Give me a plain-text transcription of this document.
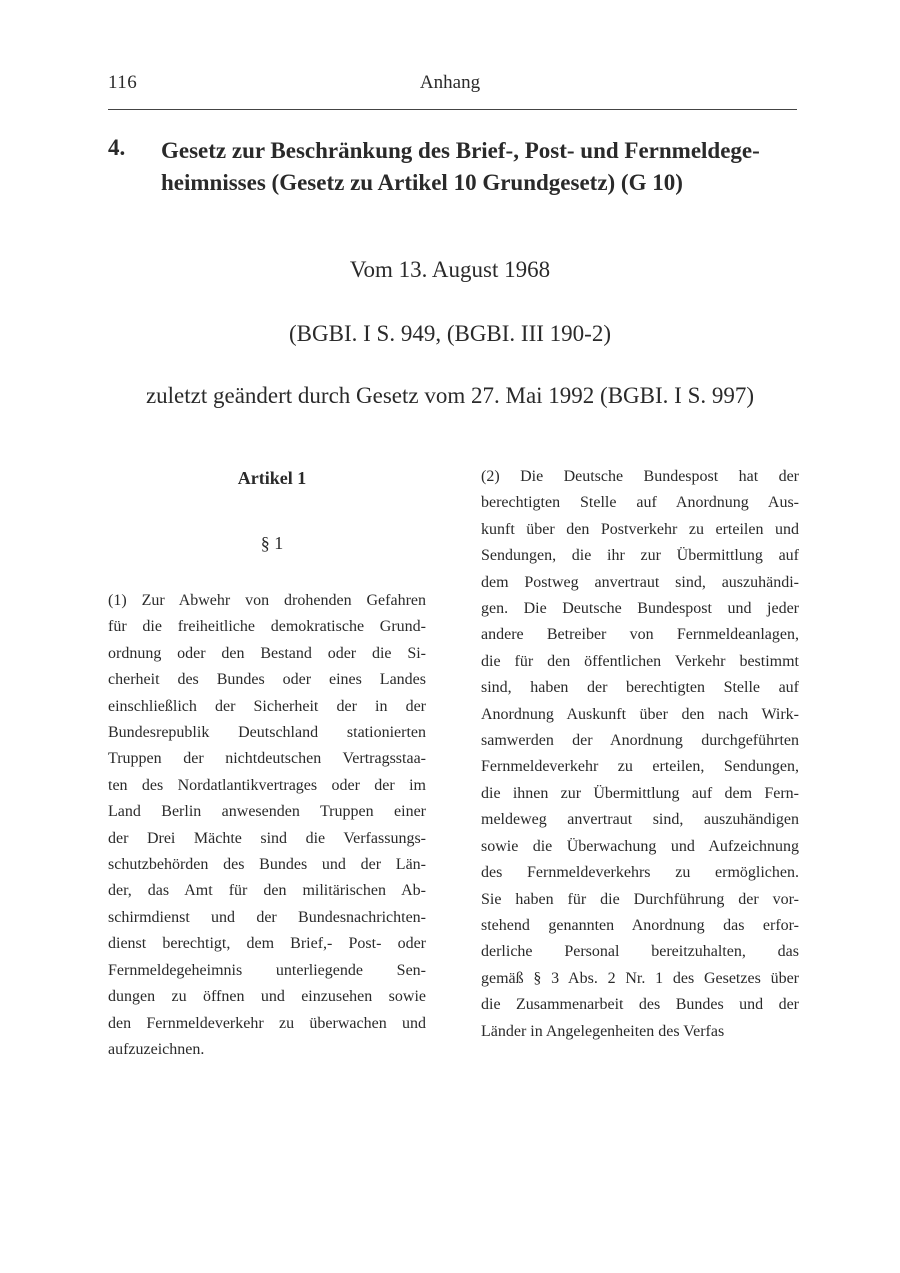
116	Anhang
4. Gesetz zur Beschränkung des Brief-, Post- und Fernmeldege-
heimnisses (Gesetz zu Artikel 10 Grundgesetz) (G 10)
Vom 13. August 1968
(BGBI. I S. 949, (BGBI. III 190-2)
zuletzt geändert durch Gesetz vom 27. Mai 1992 (BGBI. I S. 997)
Artikel 1
§ 1
(1) Zur Abwehr von drohenden Gefahren
für die freiheitliche demokratische Grund-
ordnung oder den Bestand oder die Si-
cherheit des Bundes oder eines Landes
einschließlich der Sicherheit der in der
Bundesrepublik Deutschland stationierten
Truppen der nichtdeutschen Vertragsstaa-
ten des Nordatlantikvertrages oder der im
Land Berlin anwesenden Truppen einer
der Drei Mächte sind die Verfassungs-
schutzbehörden des Bundes und der Län-
der, das Amt für den militärischen Ab-
schirmdienst und der Bundesnachrichten-
dienst berechtigt, dem Brief,- Post- oder
Fernmeldegeheimnis unterliegende Sen-
dungen zu öffnen und einzusehen sowie
den Fernmeldeverkehr zu überwachen und
aufzuzeichnen.
(2) Die Deutsche Bundespost hat der
berechtigten Stelle auf Anordnung Aus-
kunft über den Postverkehr zu erteilen und
Sendungen, die ihr zur Übermittlung auf
dem Postweg anvertraut sind, auszuhändi-
gen. Die Deutsche Bundespost und jeder
andere Betreiber von Fernmeldeanlagen,
die für den öffentlichen Verkehr bestimmt
sind, haben der berechtigten Stelle auf
Anordnung Auskunft über den nach Wirk-
samwerden der Anordnung durchgeführten
Fernmeldeverkehr zu erteilen, Sendungen,
die ihnen zur Übermittlung auf dem Fern-
meldeweg anvertraut sind, auszuhändigen
sowie die Überwachung und Aufzeichnung
des Fernmeldeverkehrs zu ermöglichen.
Sie haben für die Durchführung der vor-
stehend genannten Anordnung das erfor-
derliche Personal bereitzuhalten, das
gemäß § 3 Abs. 2 Nr. 1 des Gesetzes über
die Zusammenarbeit des Bundes und der
Länder in Angelegenheiten des Verfas
